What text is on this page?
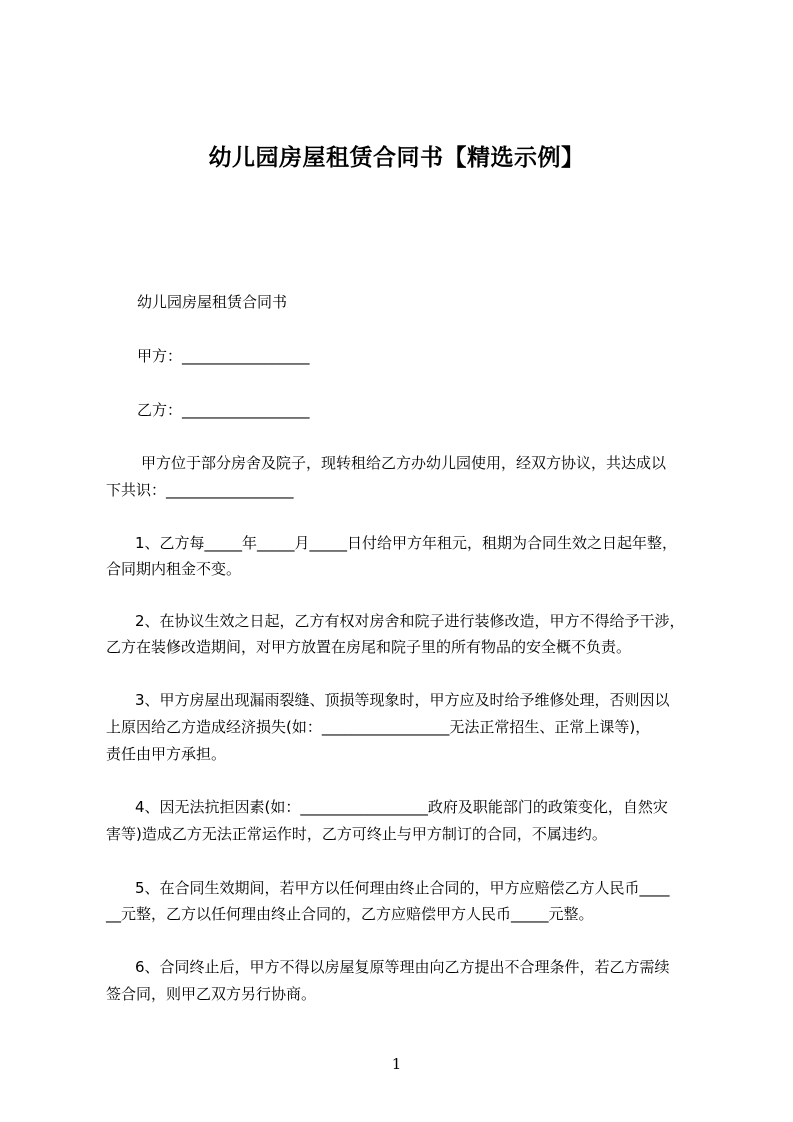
幼儿园房屋租赁合同书【精选示例】

幼儿园房屋租赁合同书

甲方：_________________

乙方：_________________

甲方位于部分房舍及院子，现转租给乙方办幼儿园使用，经双方协议，共达成以

下共识：_________________

1、乙方每_____年_____月_____日付给甲方年租元，租期为合同生效之日起年整，

合同期内租金不变。

2、在协议生效之日起，乙方有权对房舍和院子进行装修改造，甲方不得给予干涉，

乙方在装修改造期间，对甲方放置在房尾和院子里的所有物品的安全概不负责。

3、甲方房屋出现漏雨裂缝、顶损等现象时，甲方应及时给予维修处理，否则因以

上原因给乙方造成经济损失(如：_________________无法正常招生、正常上课等)，

责任由甲方承担。

4、因无法抗拒因素(如：_________________政府及职能部门的政策变化，自然灾

害等)造成乙方无法正常运作时，乙方可终止与甲方制订的合同，不属违约。

5、在合同生效期间，若甲方以任何理由终止合同的，甲方应赔偿乙方人民币____

__元整，乙方以任何理由终止合同的，乙方应赔偿甲方人民币_____元整。

6、合同终止后，甲方不得以房屋复原等理由向乙方提出不合理条件，若乙方需续

签合同，则甲乙双方另行协商。

1
